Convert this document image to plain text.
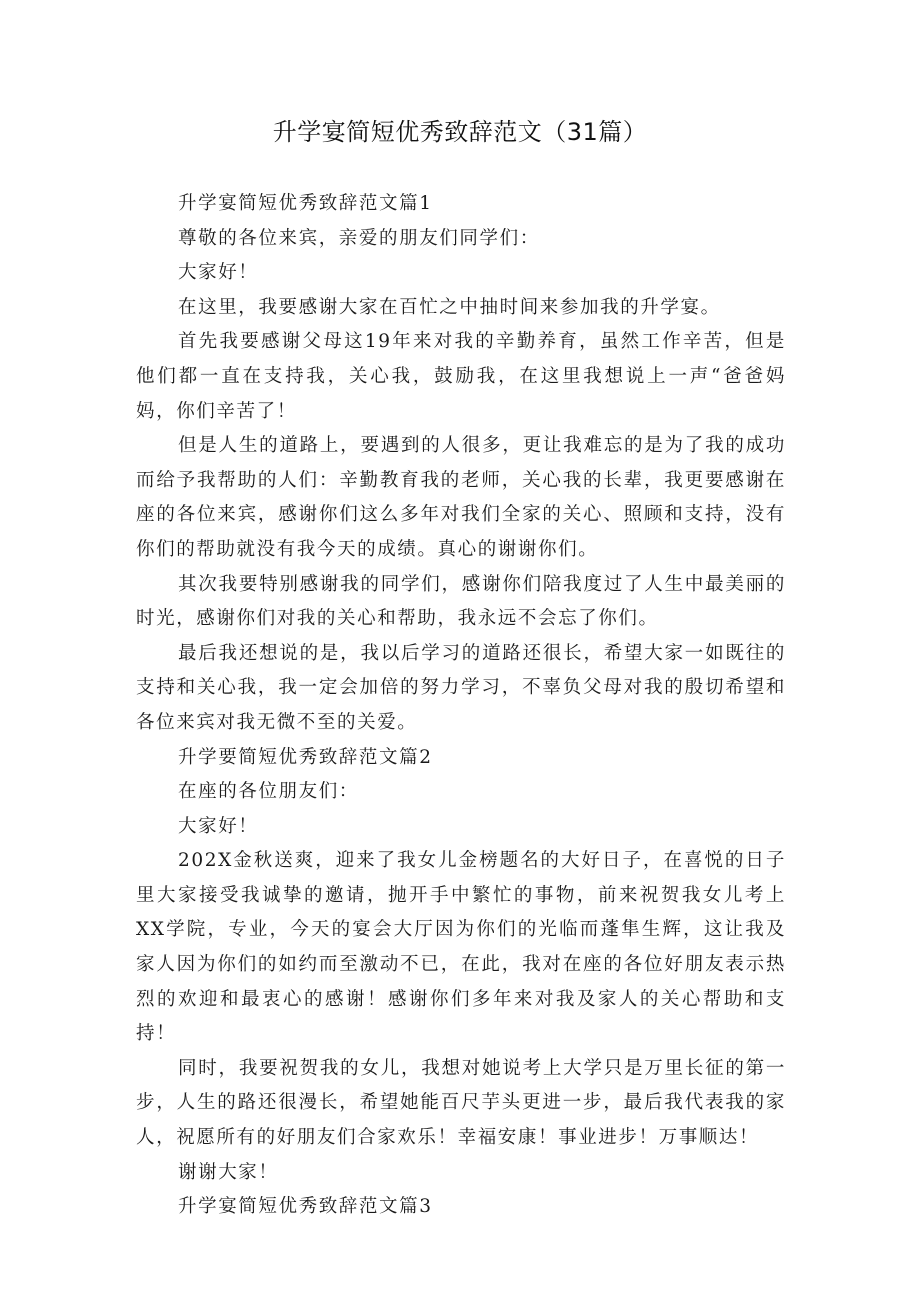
升学宴简短优秀致辞范文（31篇）

升学宴简短优秀致辞范文篇1

尊敬的各位来宾，亲爱的朋友们同学们：

大家好！

在这里，我要感谢大家在百忙之中抽时间来参加我的升学宴。

首先我要感谢父母这19年来对我的辛勤养育，虽然工作辛苦，但是他们都一直在支持我，关心我，鼓励我，在这里我想说上一声“爸爸妈妈，你们辛苦了！

但是人生的道路上，要遇到的人很多，更让我难忘的是为了我的成功而给予我帮助的人们：辛勤教育我的老师，关心我的长辈，我更要感谢在座的各位来宾，感谢你们这么多年对我们全家的关心、照顾和支持，没有你们的帮助就没有我今天的成绩。真心的谢谢你们。

其次我要特别感谢我的同学们，感谢你们陪我度过了人生中最美丽的时光，感谢你们对我的关心和帮助，我永远不会忘了你们。

最后我还想说的是，我以后学习的道路还很长，希望大家一如既往的支持和关心我，我一定会加倍的努力学习，不辜负父母对我的殷切希望和各位来宾对我无微不至的关爱。

升学要简短优秀致辞范文篇2

在座的各位朋友们：

大家好！

202X金秋送爽，迎来了我女儿金榜题名的大好日子，在喜悦的日子里大家接受我诚挚的邀请，抛开手中繁忙的事物，前来祝贺我女儿考上XX学院，专业，今天的宴会大厅因为你们的光临而蓬隼生辉，这让我及家人因为你们的如约而至激动不已，在此，我对在座的各位好朋友表示热烈的欢迎和最衷心的感谢！感谢你们多年来对我及家人的关心帮助和支持！

同时，我要祝贺我的女儿，我想对她说考上大学只是万里长征的第一步，人生的路还很漫长，希望她能百尺芋头更进一步，最后我代表我的家人，祝愿所有的好朋友们合家欢乐！幸福安康！事业进步！万事顺达！

谢谢大家！

升学宴简短优秀致辞范文篇3
